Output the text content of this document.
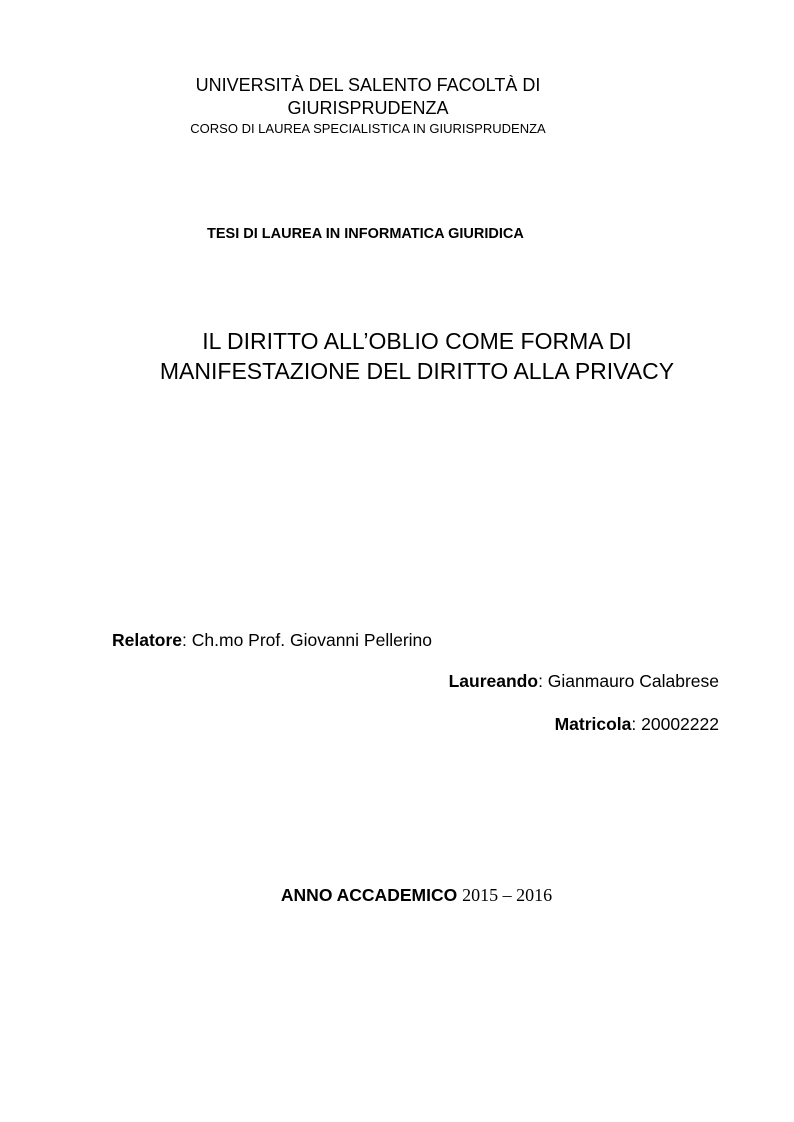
UNIVERSITÀ DEL SALENTO FACOLTÀ DI

GIURISPRUDENZA

CORSO DI LAUREA SPECIALISTICA IN GIURISPRUDENZA

TESI DI LAUREA IN INFORMATICA GIURIDICA
IL DIRITTO ALL’OBLIO COME FORMA DI
MANIFESTAZIONE DEL DIRITTO ALLA PRIVACY
Relatore: Ch.mo Prof. Giovanni Pellerino
Laureando: Gianmauro Calabrese
Matricola: 20002222
ANNO ACCADEMICO 2015 – 2016
